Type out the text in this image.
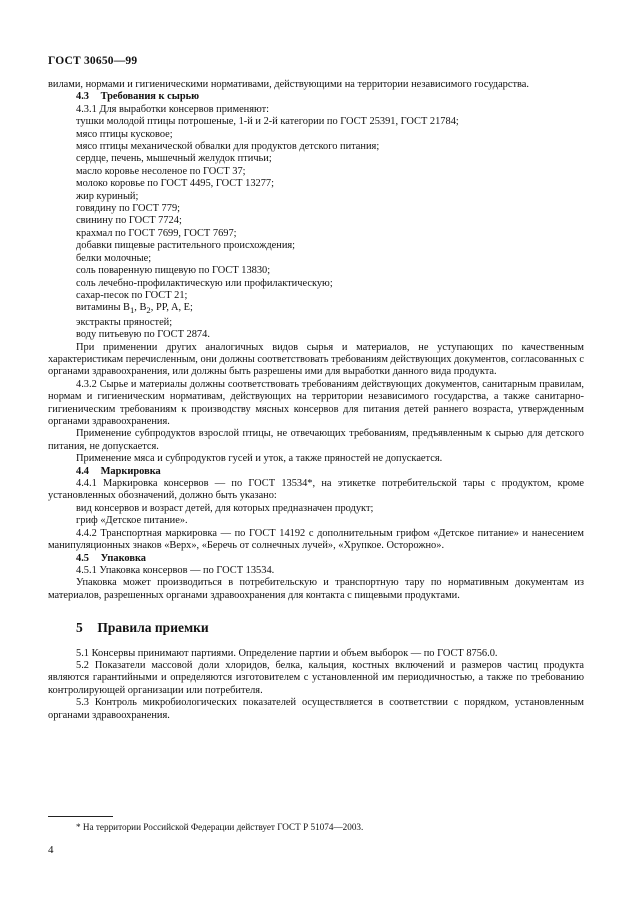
ГОСТ 30650—99

вилами, нормами и гигиеническими нормативами, действующими на территории независимого государства.

4.3 Требования к сырью

4.3.1 Для выработки консервов применяют:

тушки молодой птицы потрошеные, 1-й и 2-й категории по ГОСТ 25391, ГОСТ 21784;

мясо птицы кусковое;

мясо птицы механической обвалки для продуктов детского питания;

сердце, печень, мышечный желудок птичьи;

масло коровье несоленое по ГОСТ 37;

молоко коровье по ГОСТ 4495, ГОСТ 13277;

жир куриный;

говядину по ГОСТ 779;

свинину по ГОСТ 7724;

крахмал по ГОСТ 7699, ГОСТ 7697;

добавки пищевые растительного происхождения;

белки молочные;

соль поваренную пищевую по ГОСТ 13830;

соль лечебно-профилактическую или профилактическую;

сахар-песок по ГОСТ 21;

витамины $B_1$, $B_2$, PP, A, E;

экстракты пряностей;

воду питьевую по ГОСТ 2874.

При применении других аналогичных видов сырья и материалов, не уступающих по качественным характеристикам перечисленным, они должны соответствовать требованиям действующих документов, согласованных с органами здравоохранения, или должны быть разрешены ими для выработки данного вида продукта.

4.3.2 Сырье и материалы должны соответствовать требованиям действующих документов, санитарным правилам, нормам и гигиеническим нормативам, действующих на территории независимого государства, а также санитарно-гигиеническим требованиям к производству мясных консервов для питания детей раннего возраста, утвержденным органами здравоохранения.

Применение субпродуктов взрослой птицы, не отвечающих требованиям, предъявленным к сырью для детского питания, не допускается.

Применение мяса и субпродуктов гусей и уток, а также пряностей не допускается.

4.4 Маркировка

4.4.1 Маркировка консервов — по ГОСТ 13534*, на этикетке потребительской тары с продуктом, кроме установленных обозначений, должно быть указано:

вид консервов и возраст детей, для которых предназначен продукт;

гриф «Детское питание».

4.4.2 Транспортная маркировка — по ГОСТ 14192 с дополнительным грифом «Детское питание» и нанесением манипуляционных знаков «Верх», «Беречь от солнечных лучей», «Хрупкое. Осторожно».

4.5 Упаковка

4.5.1 Упаковка консервов — по ГОСТ 13534.

Упаковка может производиться в потребительскую и транспортную тару по нормативным документам из материалов, разрешенных органами здравоохранения для контакта с пищевыми продуктами.

5 Правила приемки

5.1 Консервы принимают партиями. Определение партии и объем выборок — по ГОСТ 8756.0.

5.2 Показатели массовой доли хлоридов, белка, кальция, костных включений и размеров частиц продукта являются гарантийными и определяются изготовителем с установленной им периодичностью, а также по требованию контролирующей организации или потребителя.

5.3 Контроль микробиологических показателей осуществляется в соответствии с порядком, установленным органами здравоохранения.

* На территории Российской Федерации действует ГОСТ Р 51074—2003.
4
